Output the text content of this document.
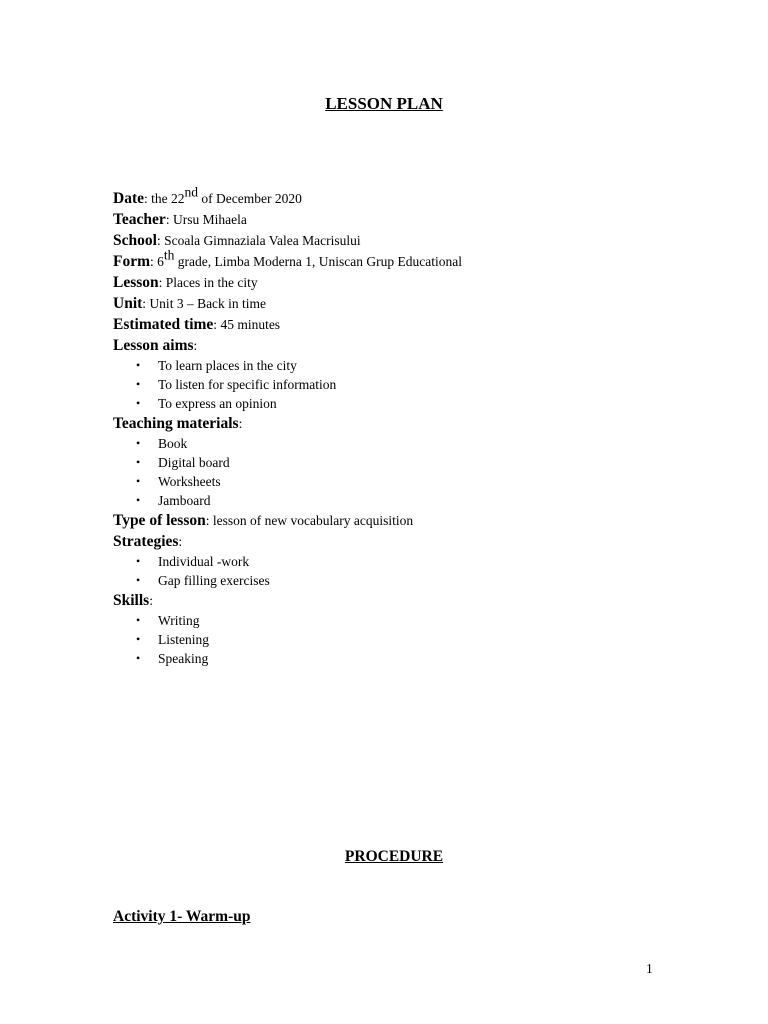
LESSON PLAN
Date: the 22nd of December 2020
Teacher: Ursu Mihaela
School: Scoala Gimnaziala Valea Macrisului
Form: 6th grade, Limba Moderna 1, Uniscan Grup Educational
Lesson: Places in the city
Unit: Unit 3 – Back in time
Estimated time: 45 minutes
Lesson aims:
• To learn places in the city
• To listen for specific information
• To express an opinion
Teaching materials:
• Book
• Digital board
• Worksheets
• Jamboard
Type of lesson: lesson of new vocabulary acquisition
Strategies:
• Individual -work
• Gap filling exercises
Skills:
• Writing
• Listening
• Speaking
PROCEDURE
Activity 1- Warm-up
1
